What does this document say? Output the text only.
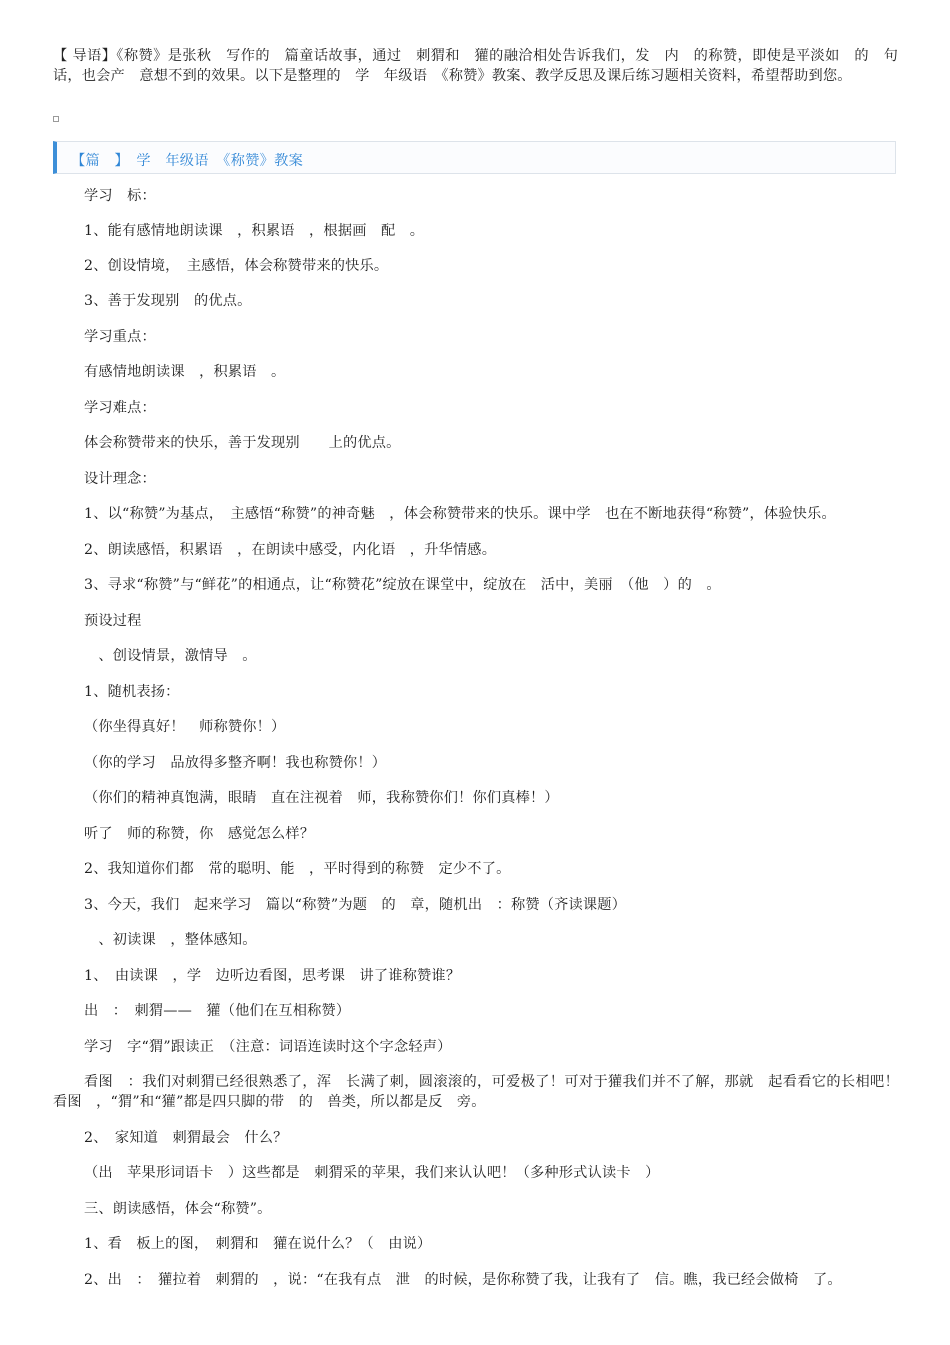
【 导语】《称赞》是张秋　写作的　篇童话故事，通过　刺猬和　獾的融洽相处告诉我们，发　内　的称赞，即使是平淡如　的　句话，也会产　意想不到的效果。以下是整理的　学　年级语　《称赞》教案、教学反思及课后练习题相关资料，希望帮助到您。
【篇　】　学　年级语　《称赞》教案

学习　标：

1、能有感情地朗读课　，积累语　，根据画　配　。

2、创设情境，　主感悟，体会称赞带来的快乐。

3、善于发现别　的优点。

学习重点：

有感情地朗读课　，积累语　。

学习难点：

体会称赞带来的快乐，善于发现别　　上的优点。

设计理念：

1、以“称赞”为基点，　主感悟“称赞”的神奇魅　，体会称赞带来的快乐。课中学　也在不断地获得“称赞”，体验快乐。

2、朗读感悟，积累语　，在朗读中感受，内化语　，升华情感。

3、寻求“称赞”与“鲜花”的相通点，让“称赞花”绽放在课堂中，绽放在　活中，美丽　（他　）的　。

预设过程

　、创设情景，激情导　。

1、随机表扬：

（你坐得真好！　师称赞你！）

（你的学习　品放得多整齐啊！我也称赞你！）

（你们的精神真饱满，眼睛　直在注视着　师，我称赞你们！你们真棒！）

听了　师的称赞，你　感觉怎么样？

2、我知道你们都　常的聪明、能　，平时得到的称赞　定少不了。

3、今天，我们　起来学习　篇以“称赞”为题　的　章，随机出　：称赞（齐读课题）

　、初读课　，整体感知。

1、　由读课　，学　边听边看图，思考课　讲了谁称赞谁？

出　：　刺猬——　獾（他们在互相称赞）

学习　字“猬”跟读正　（注意：词语连读时这个字念轻声）

看图　：我们对刺猬已经很熟悉了，浑　长满了刺，圆滚滚的，可爱极了！可对于獾我们并不了解，那就　起看看它的长相吧！看图　，“猬”和“獾”都是四只脚的带　的　兽类，所以都是反　旁。

2、　家知道　刺猬最会　什么？

（出　苹果形词语卡　）这些都是　刺猬采的苹果，我们来认认吧！（多种形式认读卡　）

三、朗读感悟，体会“称赞”。

1、看　板上的图，　刺猬和　獾在说什么？（　由说）

2、出　：　獾拉着　刺猬的　，说：“在我有点　泄　的时候，是你称赞了我，让我有了　信。瞧，我已经会做椅　了。
